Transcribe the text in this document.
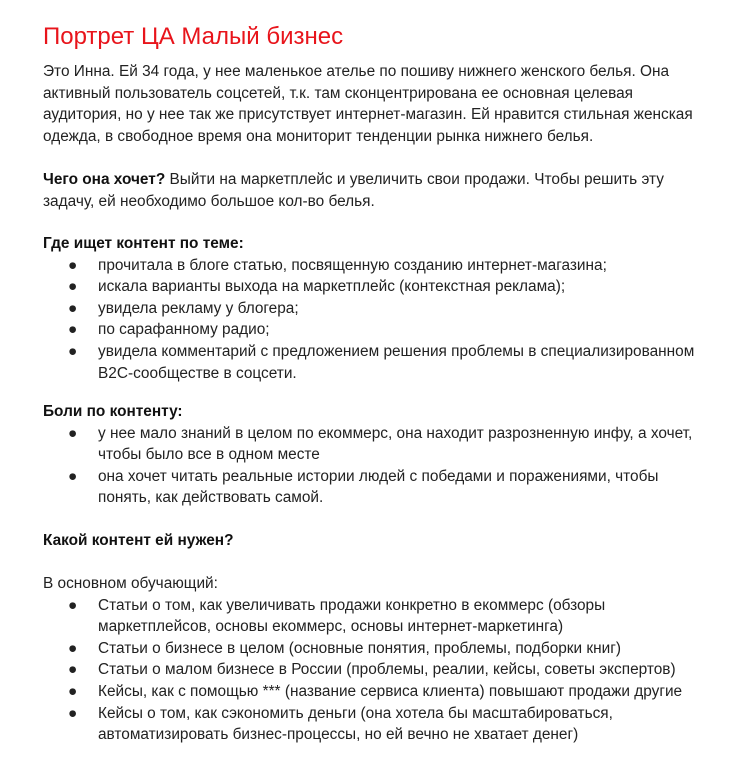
Портрет ЦА Малый бизнес

Это Инна. Ей 34 года, у нее маленькое ателье по пошиву нижнего женского белья. Она активный пользователь соцсетей, т.к. там сконцентрирована ее основная целевая аудитория, но у нее так же присутствует интернет-магазин. Ей нравится стильная женская одежда, в свободное время она мониторит тенденции рынка нижнего белья.

Чего она хочет? Выйти на маркетплейс и увеличить свои продажи. Чтобы решить эту задачу, ей необходимо большое кол-во белья.

Где ищет контент по теме:

● прочитала в блоге статью, посвященную созданию интернет-магазина;
● искала варианты выхода на маркетплейс (контекстная реклама);
● увидела рекламу у блогера;
● по сарафанному радио;
● увидела комментарий с предложением решения проблемы в специализированном B2C-сообществе в соцсети.

Боли по контенту:

● у нее мало знаний в целом по екоммерс, она находит разрозненную инфу, а хочет, чтобы было все в одном месте
● она хочет читать реальные истории людей с победами и поражениями, чтобы понять, как действовать самой.

Какой контент ей нужен?

В основном обучающий:

● Статьи о том, как увеличивать продажи конкретно в екоммерс (обзоры маркетплейсов, основы екоммерс, основы интернет-маркетинга)
● Статьи о бизнесе в целом (основные понятия, проблемы, подборки книг)
● Статьи о малом бизнесе в России (проблемы, реалии, кейсы, советы экспертов)
● Кейсы, как с помощью *** (название сервиса клиента) повышают продажи другие
● Кейсы о том, как сэкономить деньги (она хотела бы масштабироваться, автоматизировать бизнес-процессы, но ей вечно не хватает денег)
